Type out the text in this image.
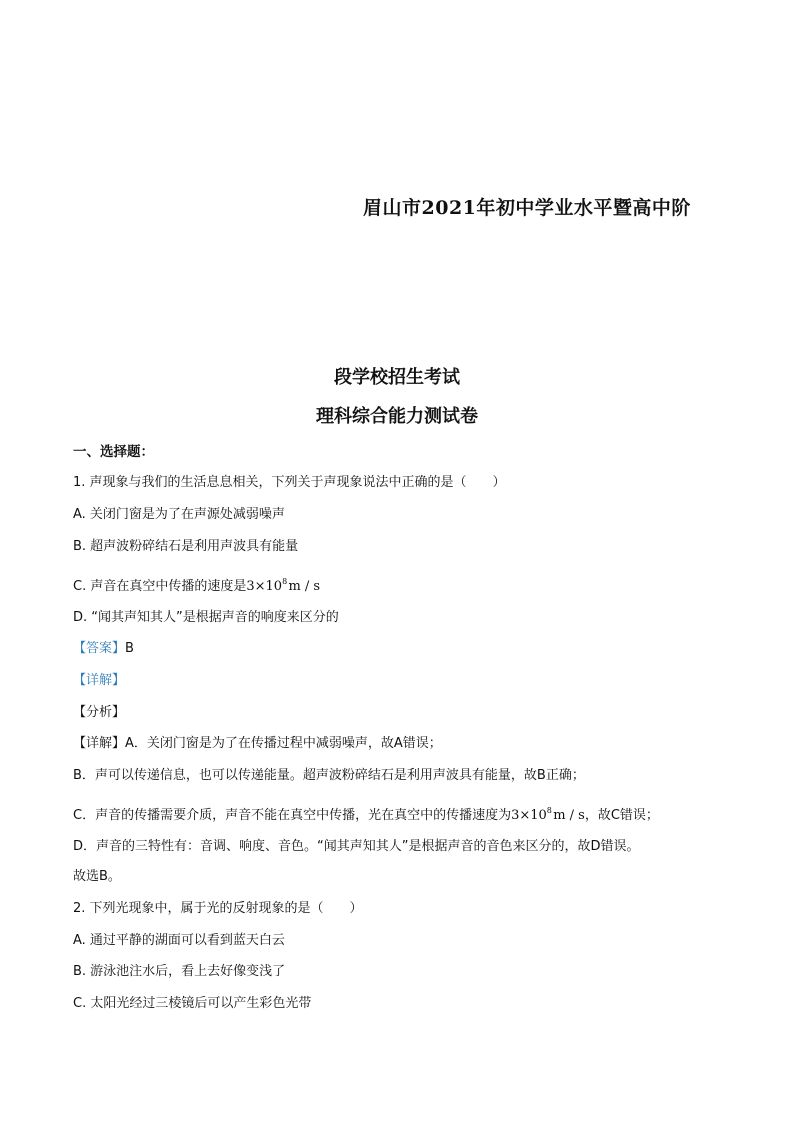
眉山市2021年初中学业水平暨高中阶
段学校招生考试
理科综合能力测试卷
一、选择题：
1. 声现象与我们的生活息息相关，下列关于声现象说法中正确的是（　　）
A. 关闭门窗是为了在声源处减弱噪声
B. 超声波粉碎结石是利用声波具有能量
C. 声音在真空中传播的速度是$3\times 10^8$ m / s
D. “闻其声知其人”是根据声音的响度来区分的
【答案】B
【详解】
【分析】
【详解】A．关闭门窗是为了在传播过程中减弱噪声，故A错误；
B．声可以传递信息，也可以传递能量。超声波粉碎结石是利用声波具有能量，故B正确；
C．声音的传播需要介质，声音不能在真空中传播，光在真空中的传播速度为$3\times 10^8$ m / s，故C错误；
D．声音的三特性有：音调、响度、音色。“闻其声知其人”是根据声音的音色来区分的，故D错误。
故选B。
2. 下列光现象中，属于光的反射现象的是（　　）
A. 通过平静的湖面可以看到蓝天白云
B. 游泳池注水后，看上去好像变浅了
C. 太阳光经过三棱镜后可以产生彩色光带
